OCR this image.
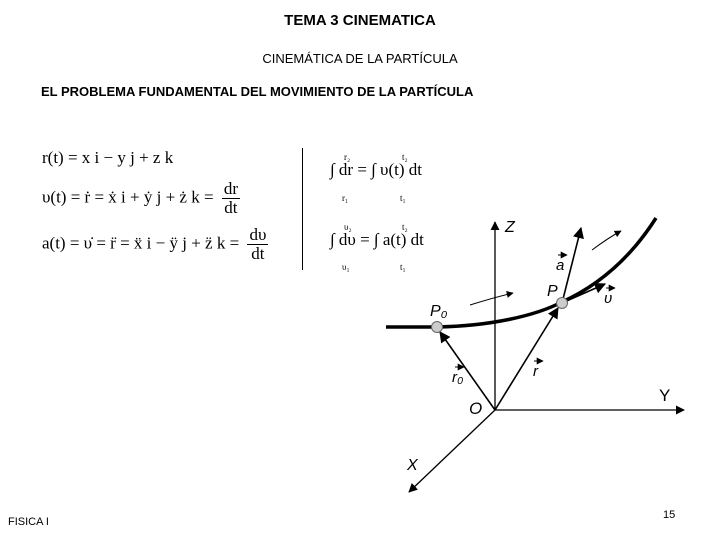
TEMA 3 CINEMATICA
CINEMÁTICA DE LA PARTÍCULA
EL PROBLEMA FUNDAMENTAL DEL MOVIMIENTO DE LA PARTÍCULA
r(t) = x i − y j + z k
υ(t) = ṙ = ẋ i + ẏ j + ż $k = \frac{dr}{dt}$
a(t) = υ̇ = r̈ = ẍ i − ÿ j + z̈ $k = \frac{d\upsilon}{dt}$
∫ dr = ∫ υ(t) dt
r₂
r₁
t₂
t₁
∫ dυ = ∫ a(t) dt
υ₂
υ₁
t₂
t₁
Z
Y
X
O
P₀
P
r₀	r
a
υ
FISICA I
15
